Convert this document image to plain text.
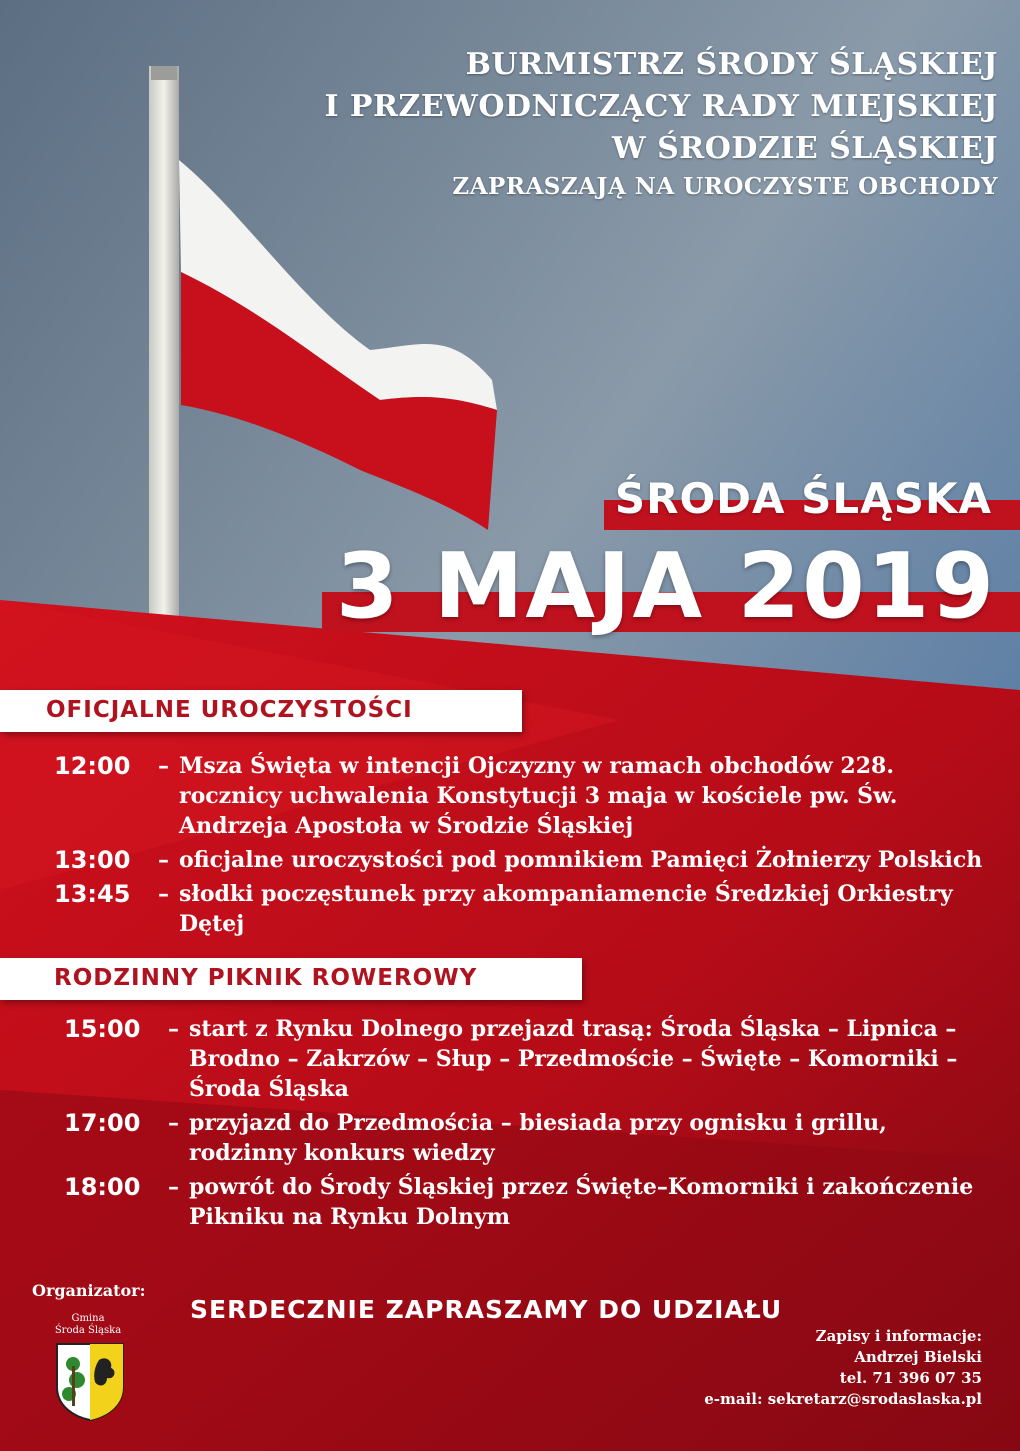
BURMISTRZ ŚRODY ŚLĄSKIEJ
I PRZEWODNICZĄCY RADY MIEJSKIEJ
W ŚRODZIE ŚLĄSKIEJ
ZAPRASZAJĄ NA UROCZYSTE OBCHODY
ŚRODA ŚLĄSKA
3 MAJA 2019
OFICJALNE UROCZYSTOŚCI
12:00	– Msza Święta w intencji Ojczyzny w ramach obchodów 228. rocznicy uchwalenia Konstytucji 3 maja w kościele pw. Św. Andrzeja Apostoła w Środzie Śląskiej
13:00	– oficjalne uroczystości pod pomnikiem Pamięci Żołnierzy Polskich
13:45	– słodki poczęstunek przy akompaniamencie Średzkiej Orkiestry Dętej
RODZINNY PIKNIK ROWEROWY
15:00	– start z Rynku Dolnego przejazd trasą: Środa Śląska – Lipnica – Brodno – Zakrzów – Słup – Przedmoście – Święte – Komorniki – Środa Śląska
17:00	– przyjazd do Przedmościa – biesiada przy ognisku i grillu, rodzinny konkurs wiedzy
18:00	– powrót do Środy Śląskiej przez Święte–Komorniki i zakończenie Pikniku na Rynku Dolnym
Organizator:
Gmina
Środa Śląska
SERDECZNIE ZAPRASZAMY DO UDZIAŁU
Zapisy i informacje:
Andrzej Bielski
tel. 71 396 07 35
e-mail: sekretarz@srodaslaska.pl
